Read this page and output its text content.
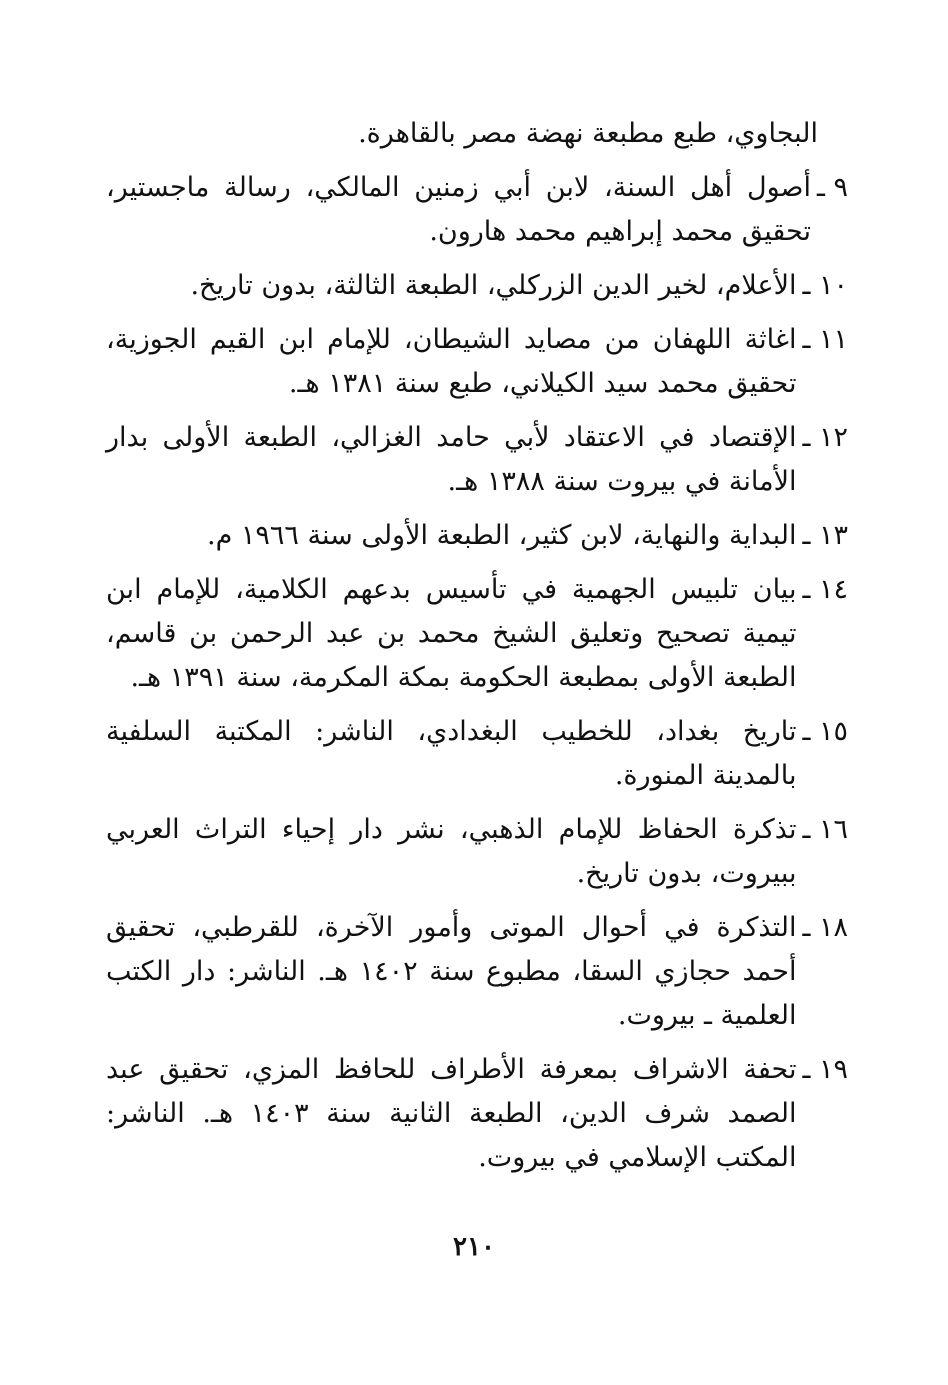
البجاوي، طبع مطبعة نهضة مصر بالقاهرة.
٩ ـ
أصول أهل السنة، لابن أبي زمنين المالكي، رسالة ماجستير، تحقيق محمد إبراهيم محمد هارون.
١٠ ـ
الأعلام، لخير الدين الزركلي، الطبعة الثالثة، بدون تاريخ.
١١ ـ
اغاثة اللهفان من مصايد الشيطان، للإمام ابن القيم الجوزية، تحقيق محمد سيد الكيلاني، طبع سنة ١٣٨١ هـ.
١٢ ـ
الإقتصاد في الاعتقاد لأبي حامد الغزالي، الطبعة الأولى بدار الأمانة في بيروت سنة ١٣٨٨ هـ.
١٣ ـ
البداية والنهاية، لابن كثير، الطبعة الأولى سنة ١٩٦٦ م.
١٤ ـ
بيان تلبيس الجهمية في تأسيس بدعهم الكلامية، للإمام ابن تيمية تصحيح وتعليق الشيخ محمد بن عبد الرحمن بن قاسم، الطبعة الأولى بمطبعة الحكومة بمكة المكرمة، سنة ١٣٩١ هـ.
١٥ ـ
تاريخ بغداد، للخطيب البغدادي، الناشر: المكتبة السلفية بالمدينة المنورة.
١٦ ـ
تذكرة الحفاظ للإمام الذهبي، نشر دار إحياء التراث العربي ببيروت، بدون تاريخ.
١٨ ـ
التذكرة في أحوال الموتى وأمور الآخرة، للقرطبي، تحقيق أحمد حجازي السقا، مطبوع سنة ١٤٠٢ هـ. الناشر: دار الكتب العلمية ـ بيروت.
١٩ ـ
تحفة الاشراف بمعرفة الأطراف للحافظ المزي، تحقيق عبد الصمد شرف الدين، الطبعة الثانية سنة ١٤٠٣ هـ. الناشر: المكتب الإسلامي في بيروت.
٢١٠
